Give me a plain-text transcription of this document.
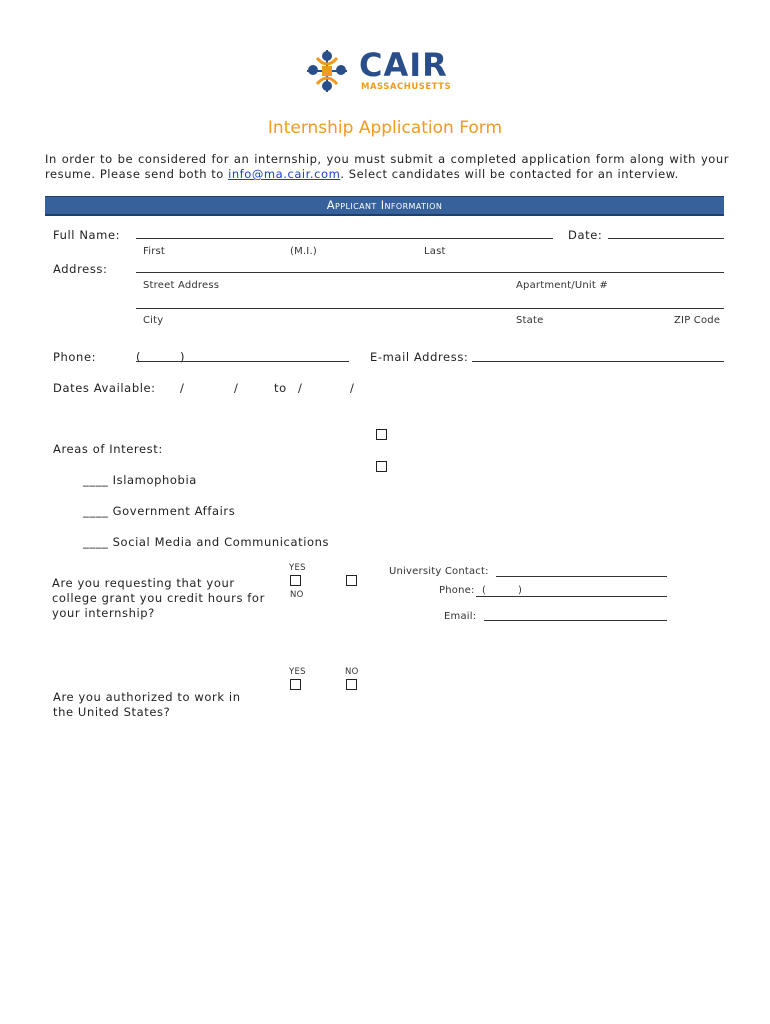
CAIR
MASSACHUSETTS
Internship Application Form
In order to be considered for an internship, you must submit a completed application form along with your resume. Please send both to info@ma.cair.com. Select candidates will be contacted for an interview.
Applicant Information
Full Name:	Date:
First	(M.I.)	Last
Address:
Street Address	Apartment/Unit #
City	State	ZIP Code
Phone:	(	)	E-mail Address:
Dates Available: /	/	to /	/
Areas of Interest:
____ Islamophobia
____ Government Affairs
____ Social Media and Communications
YES
NO
Are you requesting that your college grant you credit hours for your internship?
University Contact:
Phone: (	)
Email:
YES	NO
Are you authorized to work in the United States?
